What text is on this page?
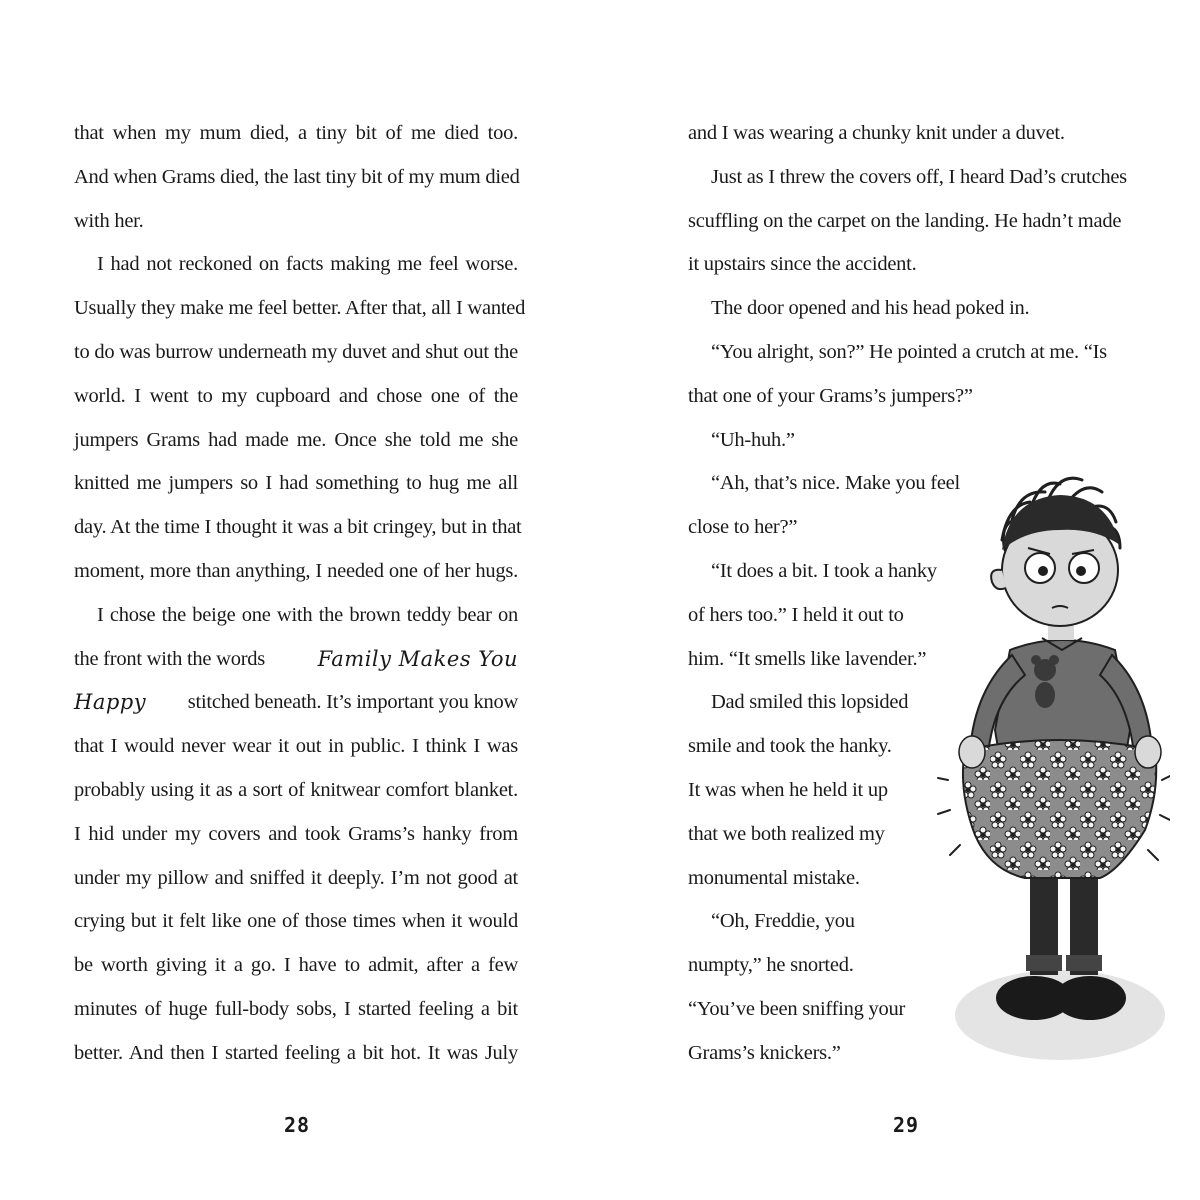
that when my mum died, a tiny bit of me died too.
And when Grams died, the last tiny bit of my mum died
with her.
I had not reckoned on facts making me feel worse.
Usually they make me feel better. After that, all I wanted
to do was burrow underneath my duvet and shut out the
world. I went to my cupboard and chose one of the
jumpers Grams had made me. Once she told me she
knitted me jumpers so I had something to hug me all
day. At the time I thought it was a bit cringey, but in that
moment, more than anything, I needed one of her hugs.
I chose the beige one with the brown teddy bear on
the front with the words	Family Makes You
Happy stitched beneath. It’s important you know
that I would never wear it out in public. I think I was
probably using it as a sort of knitwear comfort blanket.
I hid under my covers and took Grams’s hanky from
under my pillow and sniffed it deeply. I’m not good at
crying but it felt like one of those times when it would
be worth giving it a go. I have to admit, after a few
minutes of huge full-body sobs, I started feeling a bit
better. And then I started feeling a bit hot. It was July
28
and I was wearing a chunky knit under a duvet.
Just as I threw the covers off, I heard Dad’s crutches
scuffling on the carpet on the landing. He hadn’t made
it upstairs since the accident.
The door opened and his head poked in.
“You alright, son?” He pointed a crutch at me. “Is
that one of your Grams’s jumpers?”
“Uh-huh.”
“Ah, that’s nice. Make you feel
close to her?”
“It does a bit. I took a hanky
of hers too.” I held it out to
him. “It smells like lavender.”
Dad smiled this lopsided
smile and took the hanky.
It was when he held it up
that we both realized my
monumental mistake.
“Oh, Freddie, you
numpty,” he snorted.
“You’ve been sniffing your
Grams’s knickers.”
29
